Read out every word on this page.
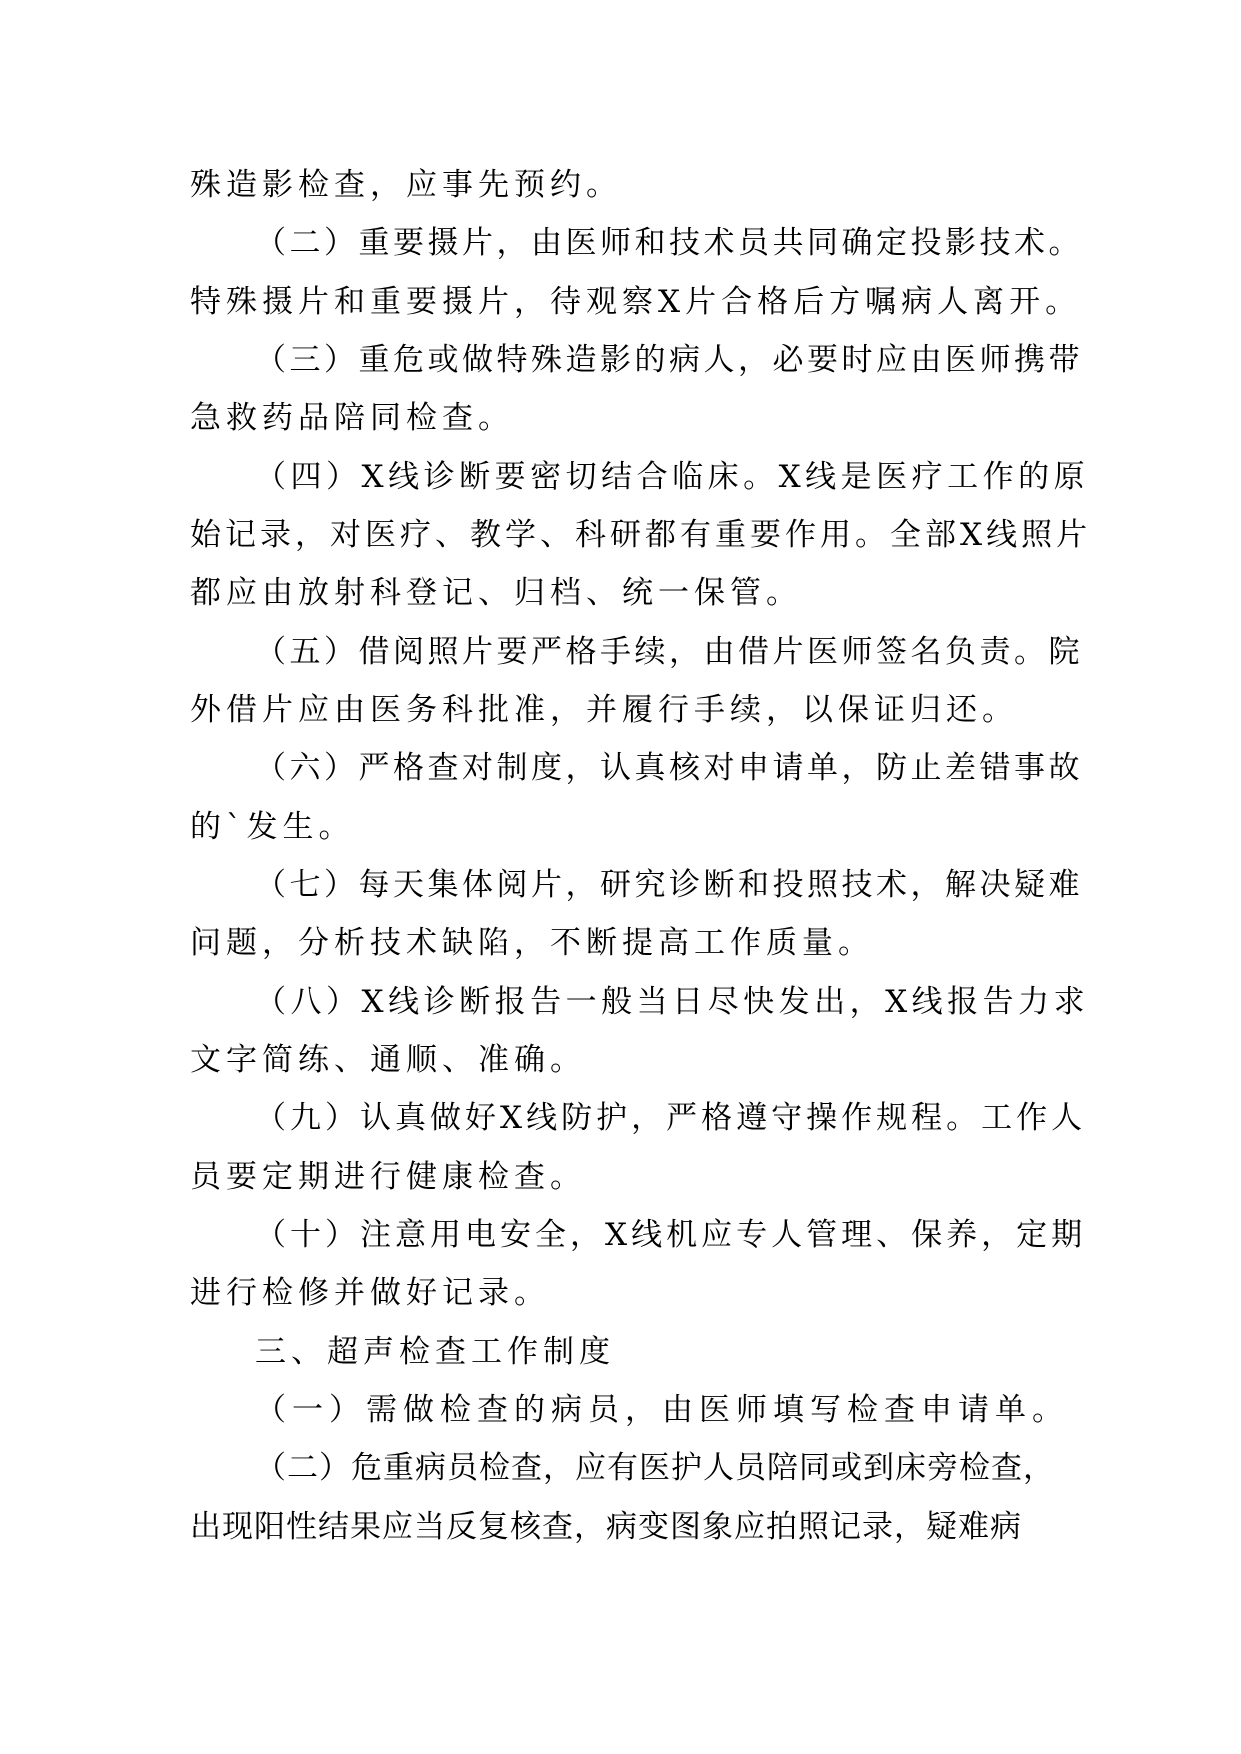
殊造影检查，应事先预约。
（二）重要摄片，由医师和技术员共同确定投影技术。
特殊摄片和重要摄片，待观察X片合格后方嘱病人离开。
（三）重危或做特殊造影的病人，必要时应由医师携带
急救药品陪同检查。
（四）X线诊断要密切结合临床。X线是医疗工作的原
始记录，对医疗、教学、科研都有重要作用。全部X线照片
都应由放射科登记、归档、统一保管。
（五）借阅照片要严格手续，由借片医师签名负责。院
外借片应由医务科批准，并履行手续，以保证归还。
（六）严格查对制度，认真核对申请单，防止差错事故
的`发生。
（七）每天集体阅片，研究诊断和投照技术，解决疑难
问题，分析技术缺陷，不断提高工作质量。
（八）X线诊断报告一般当日尽快发出，X线报告力求
文字简练、通顺、准确。
（九）认真做好X线防护，严格遵守操作规程。工作人
员要定期进行健康检查。
（十）注意用电安全，X线机应专人管理、保养，定期
进行检修并做好记录。
三、超声检查工作制度
（一）需做检查的病员，由医师填写检查申请单。
（二）危重病员检查，应有医护人员陪同或到床旁检查，
出现阳性结果应当反复核查，病变图象应拍照记录，疑难病
